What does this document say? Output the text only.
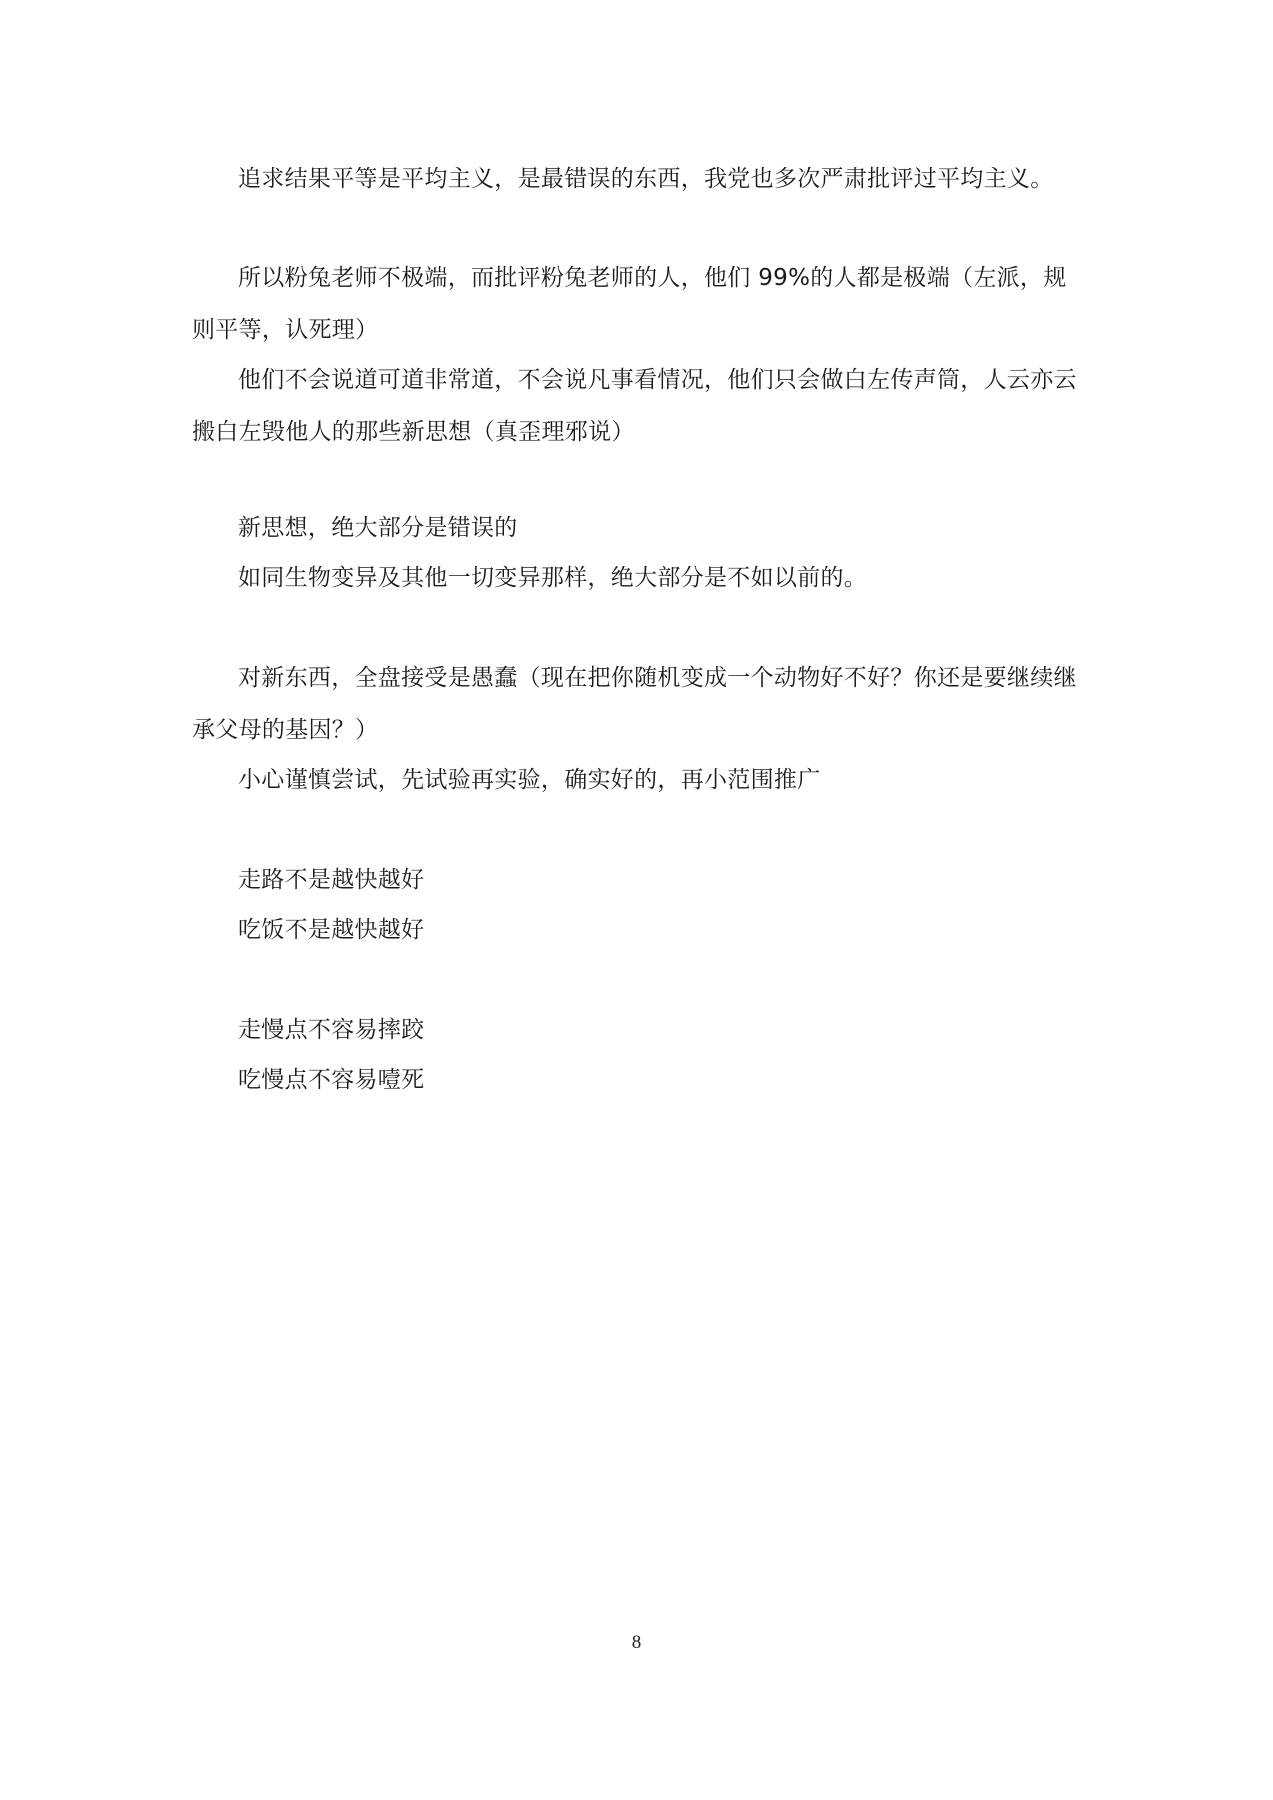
追求结果平等是平均主义，是最错误的东西，我党也多次严肃批评过平均主义。

所以粉兔老师不极端，而批评粉兔老师的人，他们 99%的人都是极端（左派，规则平等，认死理）

他们不会说道可道非常道，不会说凡事看情况，他们只会做白左传声筒，人云亦云搬白左毁他人的那些新思想（真歪理邪说）

新思想，绝大部分是错误的

如同生物变异及其他一切变异那样，绝大部分是不如以前的。

对新东西，全盘接受是愚蠢（现在把你随机变成一个动物好不好？你还是要继续继承父母的基因？）

小心谨慎尝试，先试验再实验，确实好的，再小范围推广

走路不是越快越好

吃饭不是越快越好

走慢点不容易摔跤

吃慢点不容易噎死

8
